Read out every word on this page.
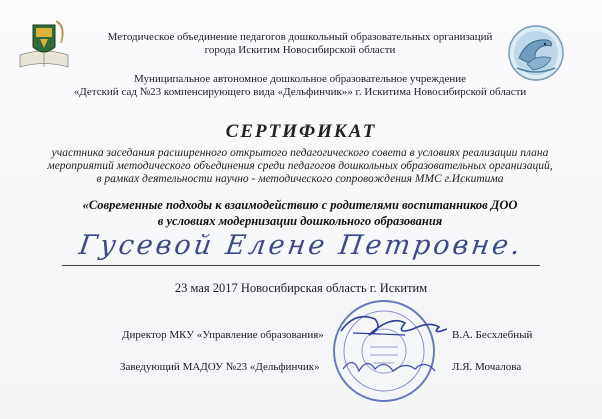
Методическое объединение педагогов дошкольный образовательных организаций
города Искитим Новосибирской области
Муниципальное автономное дошкольное образовательное учреждение
«Детский сад №23 компенсирующего вида «Дельфинчик»» г. Искитима Новосибирской области
СЕРТИФИКАТ
участника заседания расширенного открытого педагогического совета в условиях реализации плана
мероприятий методического объединения среди педагогов дошкольных образовательных организаций,
в рамках деятельности научно - методического сопровождения ММС г.Искитима
«Современные подходы к взаимодействию с родителями воспитанников ДОО
в условиях модернизации дошкольного образования
Гусевой Елене Петровне.
23 мая 2017 Новосибирская область г. Искитим
Директор МКУ «Управление образования»	В.А. Бесхлебный
Заведующий МАДОУ №23 «Дельфинчик»	Л.Я. Мочалова
